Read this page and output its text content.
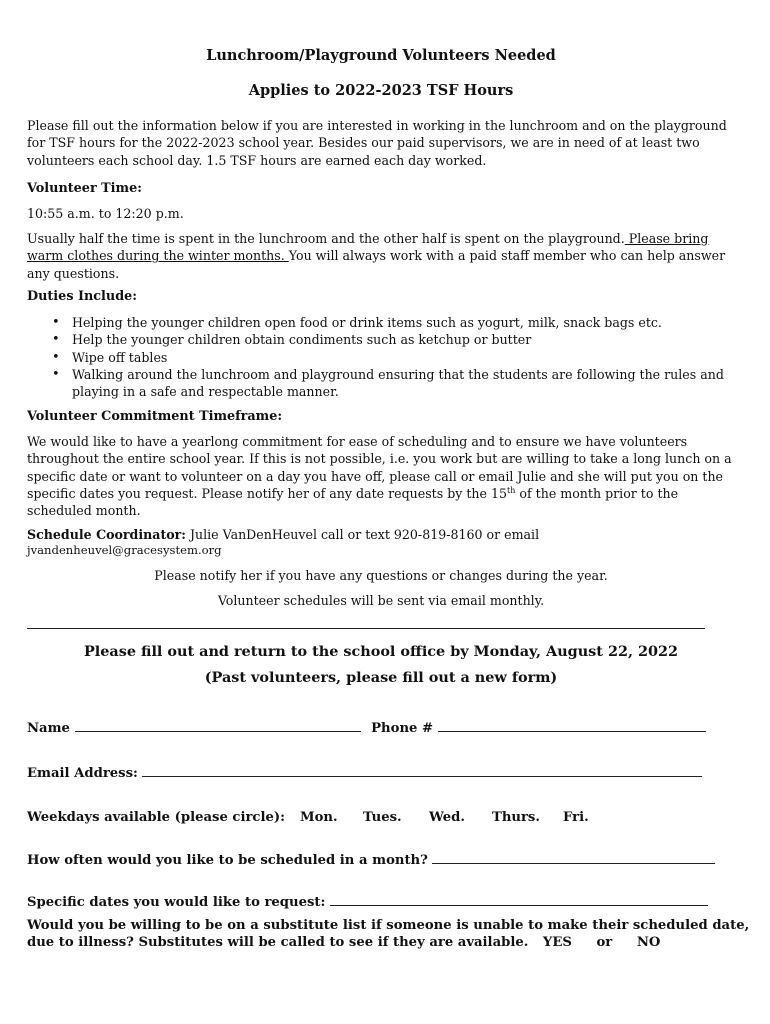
Lunchroom/Playground Volunteers Needed
Applies to 2022-2023 TSF Hours
Please fill out the information below if you are interested in working in the lunchroom and on the playground
for TSF hours for the 2022-2023 school year. Besides our paid supervisors, we are in need of at least two
volunteers each school day. 1.5 TSF hours are earned each day worked.
Volunteer Time:
10:55 a.m. to 12:20 p.m.
Usually half the time is spent in the lunchroom and the other half is spent on the playground. Please bring
warm clothes during the winter months. You will always work with a paid staff member who can help answer
any questions.
Duties Include:
• Helping the younger children open food or drink items such as yogurt, milk, snack bags etc.
• Help the younger children obtain condiments such as ketchup or butter
• Wipe off tables
• Walking around the lunchroom and playground ensuring that the students are following the rules and
playing in a safe and respectable manner.
Volunteer Commitment Timeframe:
We would like to have a yearlong commitment for ease of scheduling and to ensure we have volunteers
throughout the entire school year. If this is not possible, i.e. you work but are willing to take a long lunch on a
specific date or want to volunteer on a day you have off, please call or email Julie and she will put you on the
specific dates you request. Please notify her of any date requests by the 15th of the month prior to the
scheduled month.
Schedule Coordinator: Julie VanDenHeuvel call or text 920-819-8160 or email
jvandenheuvel@gracesystem.org
Please notify her if you have any questions or changes during the year.
Volunteer schedules will be sent via email monthly.
Please fill out and return to the school office by Monday, August 22, 2022
(Past volunteers, please fill out a new form)
Name	Phone #
Email Address:
Weekdays available (please circle): Mon. Tues. Wed. Thurs. Fri.
How often would you like to be scheduled in a month?
Specific dates you would like to request:
Would you be willing to be on a substitute list if someone is unable to make their scheduled date,
due to illness? Substitutes will be called to see if they are available. YES or NO
